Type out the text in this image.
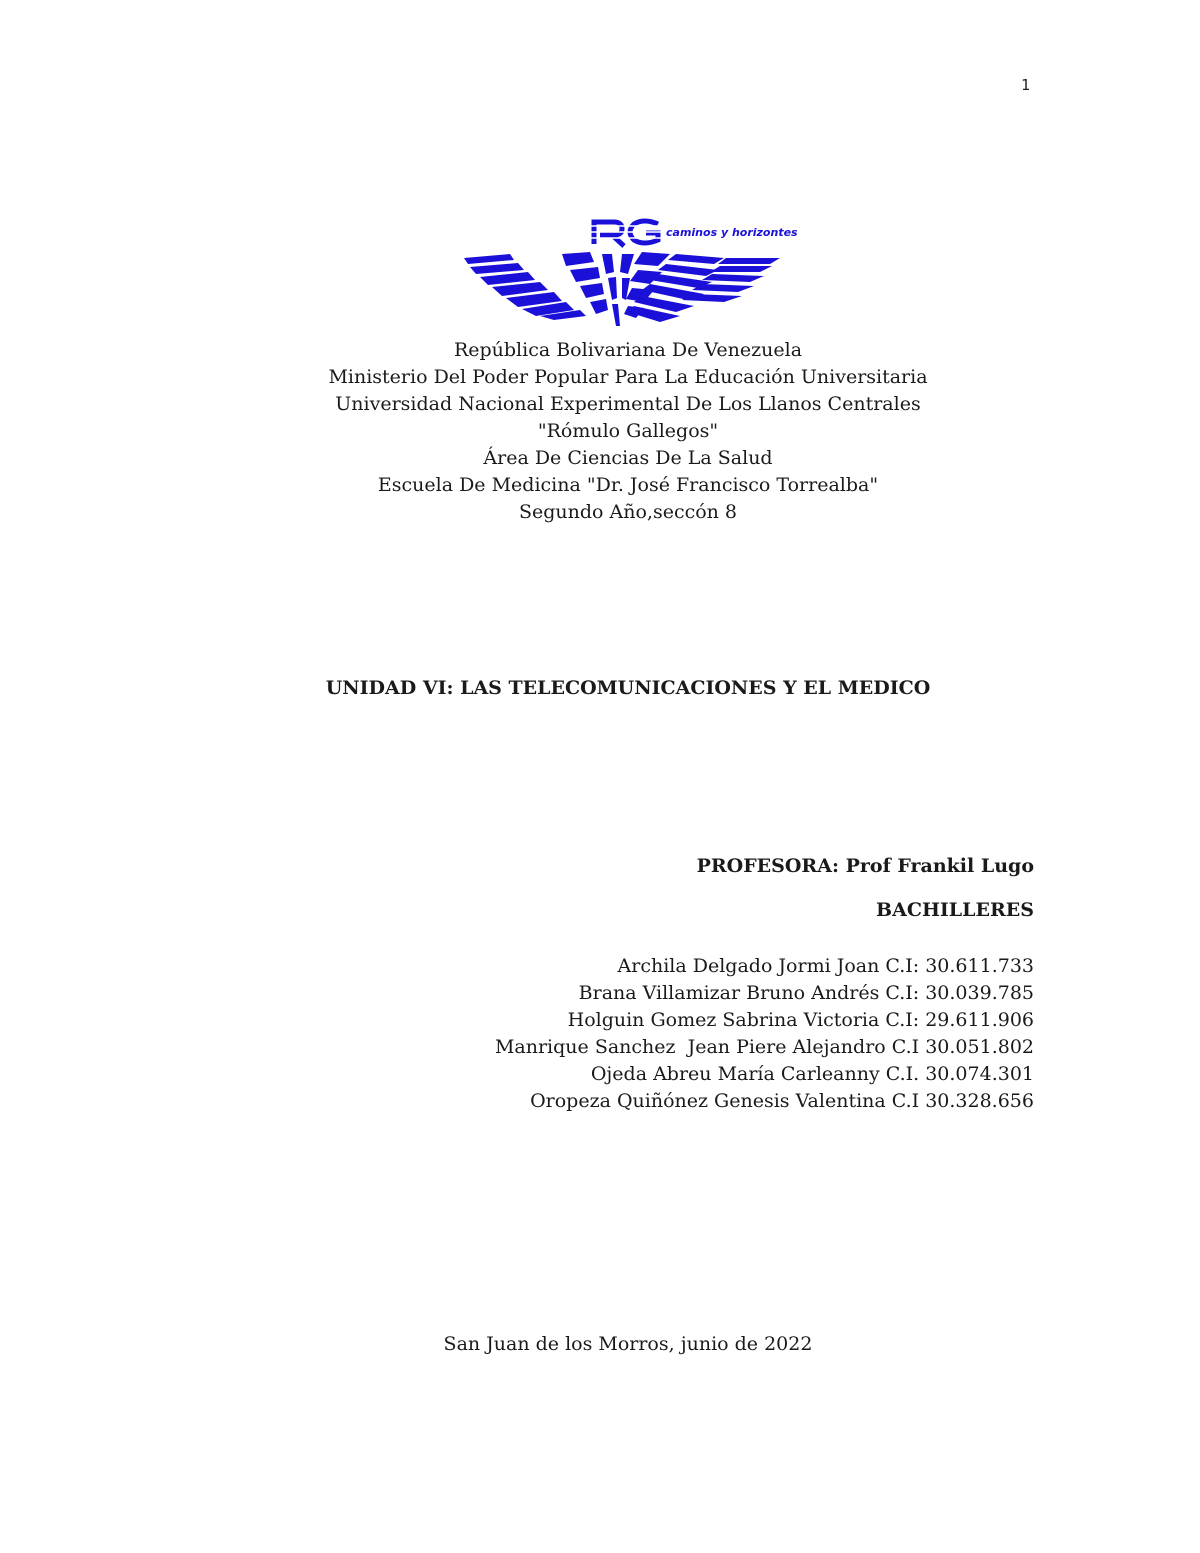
1
caminos y horizontes
República Bolivariana De Venezuela
Ministerio Del Poder Popular Para La Educación Universitaria
Universidad Nacional Experimental De Los Llanos Centrales
"Rómulo Gallegos"
Área De Ciencias De La Salud
Escuela De Medicina "Dr. José Francisco Torrealba"
Segundo Año,seccón 8
UNIDAD VI: LAS TELECOMUNICACIONES Y EL MEDICO
PROFESORA: Prof Frankil Lugo
BACHILLERES
Archila Delgado Jormi Joan C.I: 30.611.733
Brana Villamizar Bruno Andrés C.I: 30.039.785
Holguin Gomez Sabrina Victoria C.I: 29.611.906
Manrique Sanchez  Jean Piere Alejandro C.I 30.051.802
Ojeda Abreu María Carleanny C.I. 30.074.301
Oropeza Quiñónez Genesis Valentina C.I 30.328.656
San Juan de los Morros, junio de 2022
